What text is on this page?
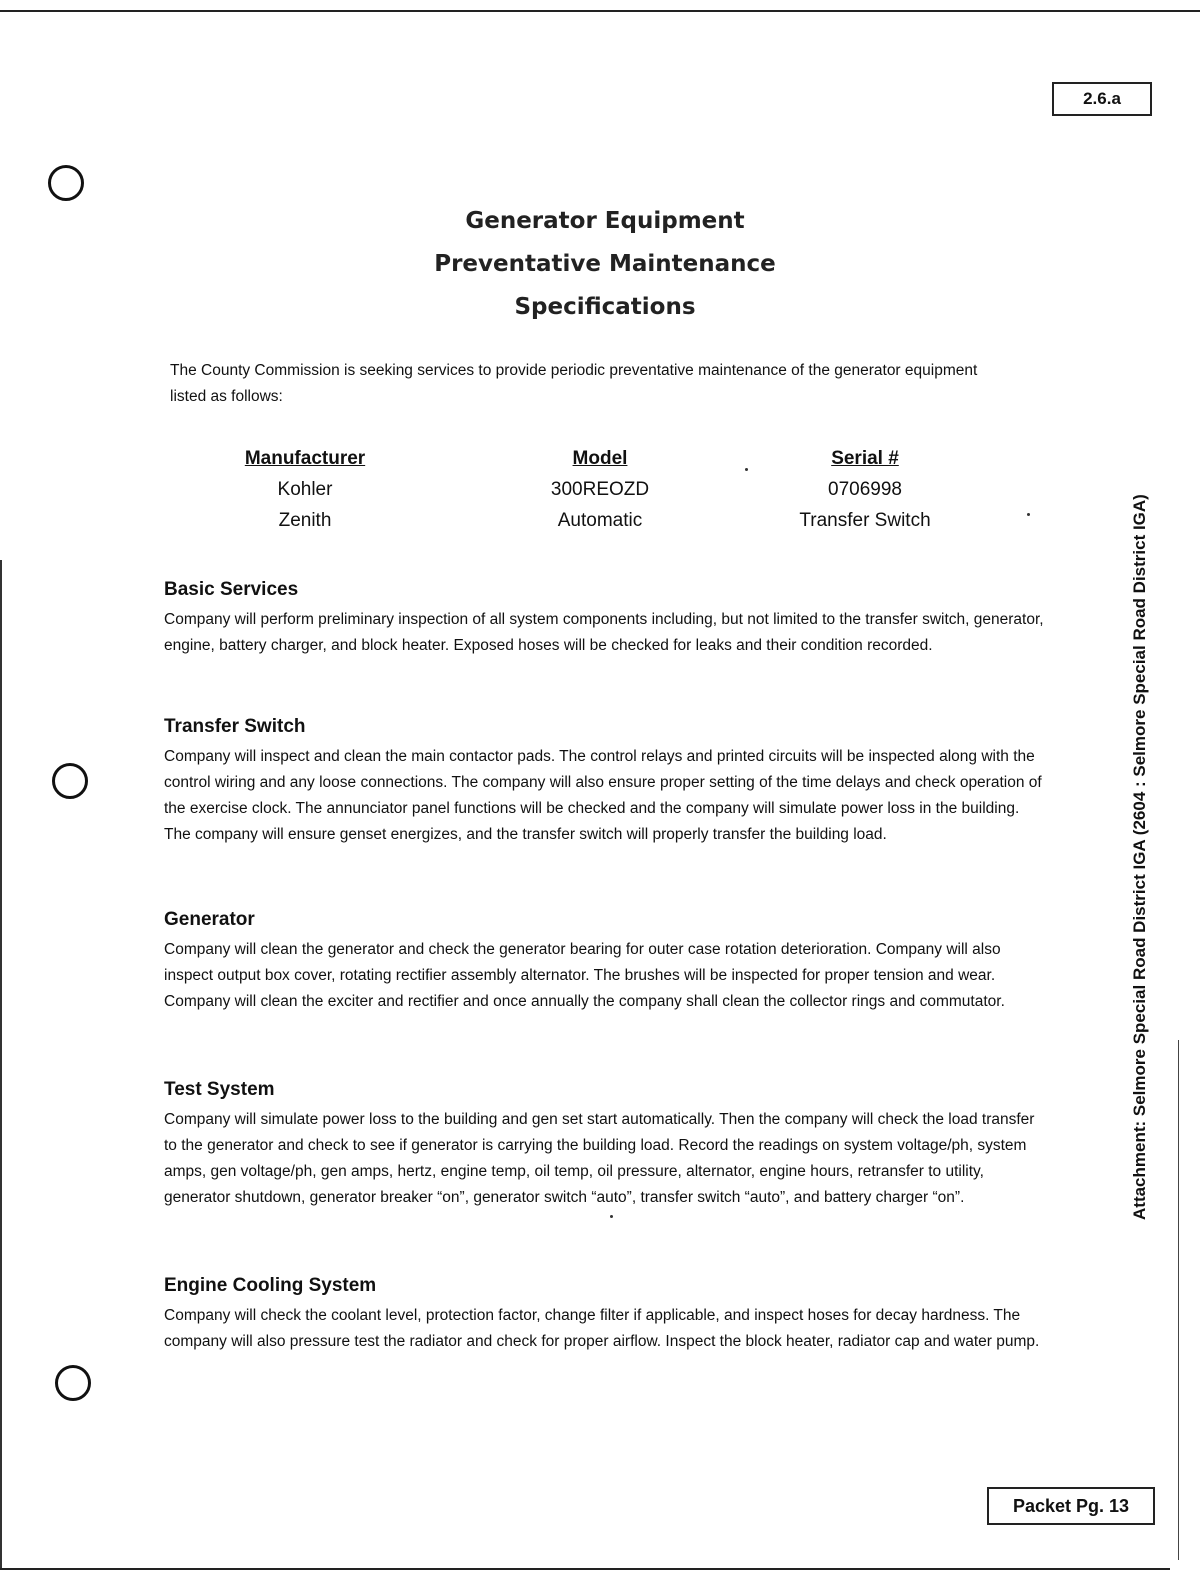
2.6.a
Generator Equipment
Preventative Maintenance
Specifications
The County Commission is seeking services to provide periodic preventative maintenance of the generator equipment listed as follows:
Manufacturer	Model	Serial #
Kohler	300REOZD	0706998
Zenith	Automatic	Transfer Switch
Basic Services

Company will perform preliminary inspection of all system components including, but not limited to the transfer switch, generator, engine, battery charger, and block heater. Exposed hoses will be checked for leaks and their condition recorded.

Transfer Switch

Company will inspect and clean the main contactor pads. The control relays and printed circuits will be inspected along with the control wiring and any loose connections. The company will also ensure proper setting of the time delays and check operation of the exercise clock. The annunciator panel functions will be checked and the company will simulate power loss in the building. The company will ensure genset energizes, and the transfer switch will properly transfer the building load.

Generator

Company will clean the generator and check the generator bearing for outer case rotation deterioration. Company will also inspect output box cover, rotating rectifier assembly alternator. The brushes will be inspected for proper tension and wear. Company will clean the exciter and rectifier and once annually the company shall clean the collector rings and commutator.

Test System

Company will simulate power loss to the building and gen set start automatically. Then the company will check the load transfer to the generator and check to see if generator is carrying the building load. Record the readings on system voltage/ph, system amps, gen voltage/ph, gen amps, hertz, engine temp, oil temp, oil pressure, alternator, engine hours, retransfer to utility, generator shutdown, generator breaker “on”, generator switch “auto”, transfer switch “auto”, and battery charger “on”.

Engine Cooling System

Company will check the coolant level, protection factor, change filter if applicable, and inspect hoses for decay hardness. The company will also pressure test the radiator and check for proper airflow. Inspect the block heater, radiator cap and water pump.

Attachment: Selmore Special Road District IGA (2604 : Selmore Special Road District IGA)
Packet Pg. 13
